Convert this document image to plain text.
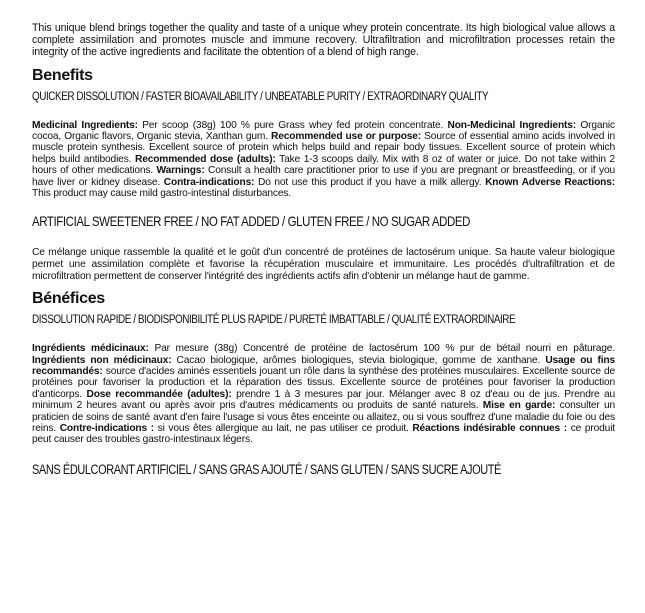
This unique blend brings together the quality and taste of a unique whey protein concentrate. Its high biological value allows a complete assimilation and promotes muscle and immune recovery. Ultrafiltration and microfiltration processes retain the integrity of the active ingredients and facilitate the obtention of a blend of high range.

Benefits
QUICKER DISSOLUTION / FASTER BIOAVAILABILITY / UNBEATABLE PURITY / EXTRAORDINARY QUALITY

Medicinal Ingredients: Per scoop (38g) 100 % pure Grass whey fed protein concentrate. Non-Medicinal Ingredients: Organic cocoa, Organic flavors, Organic stevia, Xanthan gum. Recommended use or purpose: Source of essential amino acids involved in muscle protein synthesis. Excellent source of protein which helps build and repair body tissues. Excellent source of protein which helps build antibodies. Recommended dose (adults): Take 1-3 scoops daily. Mix with 8 oz of water or juice. Do not take within 2 hours of other medications. Warnings: Consult a health care practitioner prior to use if you are pregnant or breastfeeding, or if you have liver or kidney disease. Contra-indications: Do not use this product if you have a milk allergy. Known Adverse Reactions: This product may cause mild gastro-intestinal disturbances.

ARTIFICIAL SWEETENER FREE / NO FAT ADDED / GLUTEN FREE / NO SUGAR ADDED

Ce mélange unique rassemble la qualité et le goût d'un concentré de protéines de lactosérum unique. Sa haute valeur biologique permet une assimilation complète et favorise la récupération musculaire et immunitaire. Les procédés d'ultrafiltration et de microfiltration permettent de conserver l'intégrité des ingrédients actifs afin d'obtenir un mélange haut de gamme.

Bénéfices
DISSOLUTION RAPIDE / BIODISPONIBILITÉ PLUS RAPIDE / PURETÉ IMBATTABLE / QUALITÉ EXTRAORDINAIRE

Ingrédients médicinaux: Par mesure (38g) Concentré de protéine de lactosérum 100 % pur de bétail nourri en pâturage. Ingrédients non médicinaux: Cacao biologique, arômes biologiques, stevia biologique, gomme de xanthane. Usage ou fins recommandés: source d'acides aminés essentiels jouant un rôle dans la synthèse des protéines musculaires. Excellente source de protéines pour favoriser la production et la réparation des tissus. Excellente source de protéines pour favoriser la production d'anticorps. Dose recommandée (adultes): prendre 1 à 3 mesures par jour. Mélanger avec 8 oz d'eau ou de jus. Prendre au minimum 2 heures avant ou après avoir pris d'autres médicaments ou produits de santé naturels. Mise en garde: consulter un praticien de soins de santé avant d'en faire l'usage si vous êtes enceinte ou allaitez, ou si vous souffrez d'une maladie du foie ou des reins. Contre-indications : si vous êtes allergique au lait, ne pas utiliser ce produit. Réactions indésirable connues : ce produit peut causer des troubles gastro-intestinaux légers.

SANS ÉDULCORANT ARTIFICIEL / SANS GRAS AJOUTÉ / SANS GLUTEN / SANS SUCRE AJOUTÉ
